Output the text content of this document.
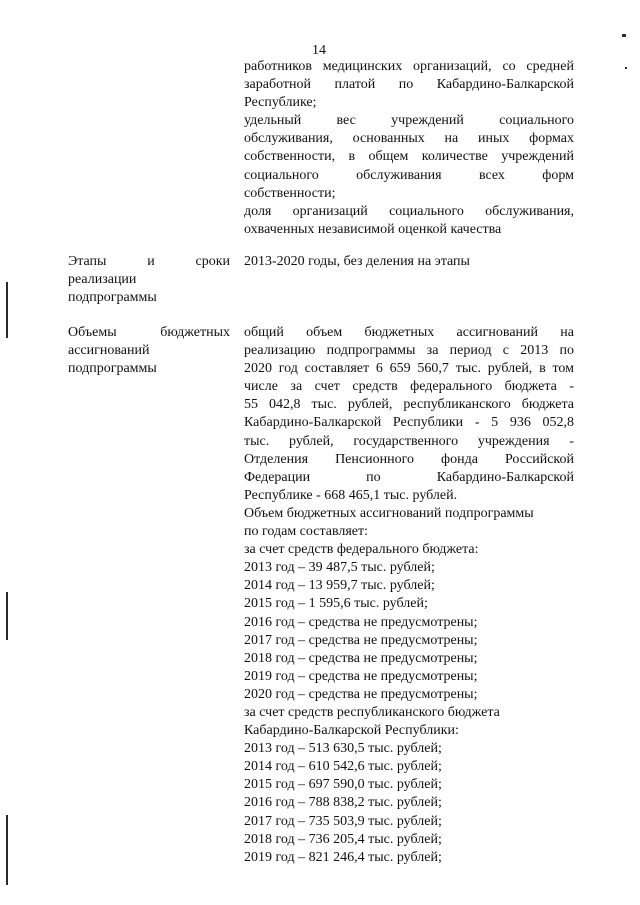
14
работников медицинских организаций, со средней
заработной платой по Кабардино-Балкарской
Республике;
удельный вес учреждений социального
обслуживания, основанных на иных формах
собственности, в общем количестве учреждений
социального обслуживания всех форм
собственности;
доля организаций социального обслуживания,
охваченных независимой оценкой качества
Этапы и сроки
реализации
подпрограммы
2013-2020 годы, без деления на этапы
Объемы бюджетных
ассигнований
подпрограммы
общий объем бюджетных ассигнований на
реализацию подпрограммы за период с 2013 по
2020 год составляет 6 659 560,7 тыс. рублей, в том
числе за счет средств федерального бюджета -
55 042,8 тыс. рублей, республиканского бюджета
Кабардино-Балкарской Республики - 5 936 052,8
тыс. рублей, государственного учреждения -
Отделения Пенсионного фонда Российской
Федерации по Кабардино-Балкарской
Республике - 668 465,1 тыс. рублей.
Объем бюджетных ассигнований подпрограммы
по годам составляет:
за счет средств федерального бюджета:
2013 год – 39 487,5 тыс. рублей;
2014 год – 13 959,7 тыс. рублей;
2015 год – 1 595,6 тыс. рублей;
2016 год – средства не предусмотрены;
2017 год – средства не предусмотрены;
2018 год – средства не предусмотрены;
2019 год – средства не предусмотрены;
2020 год – средства не предусмотрены;
за счет средств республиканского бюджета
Кабардино-Балкарской Республики:
2013 год – 513 630,5 тыс. рублей;
2014 год – 610 542,6 тыс. рублей;
2015 год – 697 590,0 тыс. рублей;
2016 год – 788 838,2 тыс. рублей;
2017 год – 735 503,9 тыс. рублей;
2018 год – 736 205,4 тыс. рублей;
2019 год – 821 246,4 тыс. рублей;
